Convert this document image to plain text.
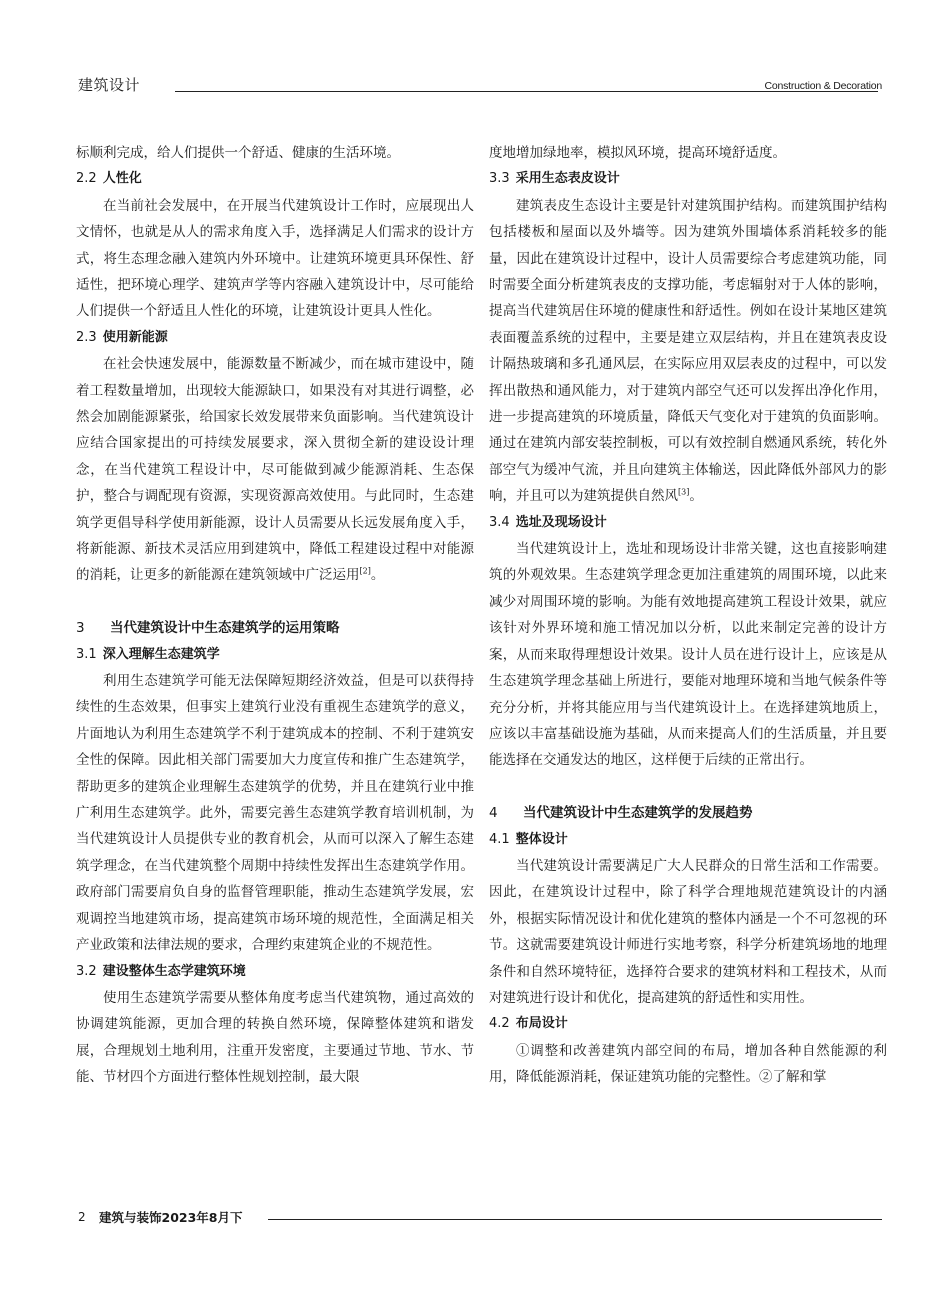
建筑设计	Construction & Decoration

标顺利完成，给人们提供一个舒适、健康的生活环境。

2.2 人性化

在当前社会发展中，在开展当代建筑设计工作时，应展现出人文情怀，也就是从人的需求角度入手，选择满足人们需求的设计方式，将生态理念融入建筑内外环境中。让建筑环境更具环保性、舒适性，把环境心理学、建筑声学等内容融入建筑设计中，尽可能给人们提供一个舒适且人性化的环境，让建筑设计更具人性化。

2.3 使用新能源

在社会快速发展中，能源数量不断减少，而在城市建设中，随着工程数量增加，出现较大能源缺口，如果没有对其进行调整，必然会加剧能源紧张，给国家长效发展带来负面影响。当代建筑设计应结合国家提出的可持续发展要求，深入贯彻全新的建设设计理念，在当代建筑工程设计中，尽可能做到减少能源消耗、生态保护，整合与调配现有资源，实现资源高效使用。与此同时，生态建筑学更倡导科学使用新能源，设计人员需要从长远发展角度入手，将新能源、新技术灵活应用到建筑中，降低工程建设过程中对能源的消耗，让更多的新能源在建筑领域中广泛运用[2]。

3 当代建筑设计中生态建筑学的运用策略
3.1 深入理解生态建筑学

利用生态建筑学可能无法保障短期经济效益，但是可以获得持续性的生态效果，但事实上建筑行业没有重视生态建筑学的意义，片面地认为利用生态建筑学不利于建筑成本的控制、不利于建筑安全性的保障。因此相关部门需要加大力度宣传和推广生态建筑学，帮助更多的建筑企业理解生态建筑学的优势，并且在建筑行业中推广利用生态建筑学。此外，需要完善生态建筑学教育培训机制，为当代建筑设计人员提供专业的教育机会，从而可以深入了解生态建筑学理念，在当代建筑整个周期中持续性发挥出生态建筑学作用。政府部门需要肩负自身的监督管理职能，推动生态建筑学发展，宏观调控当地建筑市场，提高建筑市场环境的规范性，全面满足相关产业政策和法律法规的要求，合理约束建筑企业的不规范性。

3.2 建设整体生态学建筑环境

使用生态建筑学需要从整体角度考虑当代建筑物，通过高效的协调建筑能源，更加合理的转换自然环境，保障整体建筑和谐发展，合理规划土地利用，注重开发密度，主要通过节地、节水、节能、节材四个方面进行整体性规划控制，最大限

度地增加绿地率，模拟风环境，提高环境舒适度。

3.3 采用生态表皮设计

建筑表皮生态设计主要是针对建筑围护结构。而建筑围护结构包括楼板和屋面以及外墙等。因为建筑外围墙体系消耗较多的能量，因此在建筑设计过程中，设计人员需要综合考虑建筑功能，同时需要全面分析建筑表皮的支撑功能，考虑辐射对于人体的影响，提高当代建筑居住环境的健康性和舒适性。例如在设计某地区建筑表面覆盖系统的过程中，主要是建立双层结构，并且在建筑表皮设计隔热玻璃和多孔通风层，在实际应用双层表皮的过程中，可以发挥出散热和通风能力，对于建筑内部空气还可以发挥出净化作用，进一步提高建筑的环境质量，降低天气变化对于建筑的负面影响。通过在建筑内部安装控制板，可以有效控制自燃通风系统，转化外部空气为缓冲气流，并且向建筑主体输送，因此降低外部风力的影响，并且可以为建筑提供自然风[3]。

3.4 选址及现场设计

当代建筑设计上，选址和现场设计非常关键，这也直接影响建筑的外观效果。生态建筑学理念更加注重建筑的周围环境，以此来减少对周围环境的影响。为能有效地提高建筑工程设计效果，就应该针对外界环境和施工情况加以分析，以此来制定完善的设计方案，从而来取得理想设计效果。设计人员在进行设计上，应该是从生态建筑学理念基础上所进行，要能对地理环境和当地气候条件等充分分析，并将其能应用与当代建筑设计上。在选择建筑地质上，应该以丰富基础设施为基础，从而来提高人们的生活质量，并且要能选择在交通发达的地区，这样便于后续的正常出行。

4 当代建筑设计中生态建筑学的发展趋势
4.1 整体设计

当代建筑设计需要满足广大人民群众的日常生活和工作需要。因此，在建筑设计过程中，除了科学合理地规范建筑设计的内涵外，根据实际情况设计和优化建筑的整体内涵是一个不可忽视的环节。这就需要建筑设计师进行实地考察，科学分析建筑场地的地理条件和自然环境特征，选择符合要求的建筑材料和工程技术，从而对建筑进行设计和优化，提高建筑的舒适性和实用性。

4.2 布局设计

①调整和改善建筑内部空间的布局，增加各种自然能源的利用，降低能源消耗，保证建筑功能的完整性。②了解和掌

2 建筑与装饰2023年8月下
